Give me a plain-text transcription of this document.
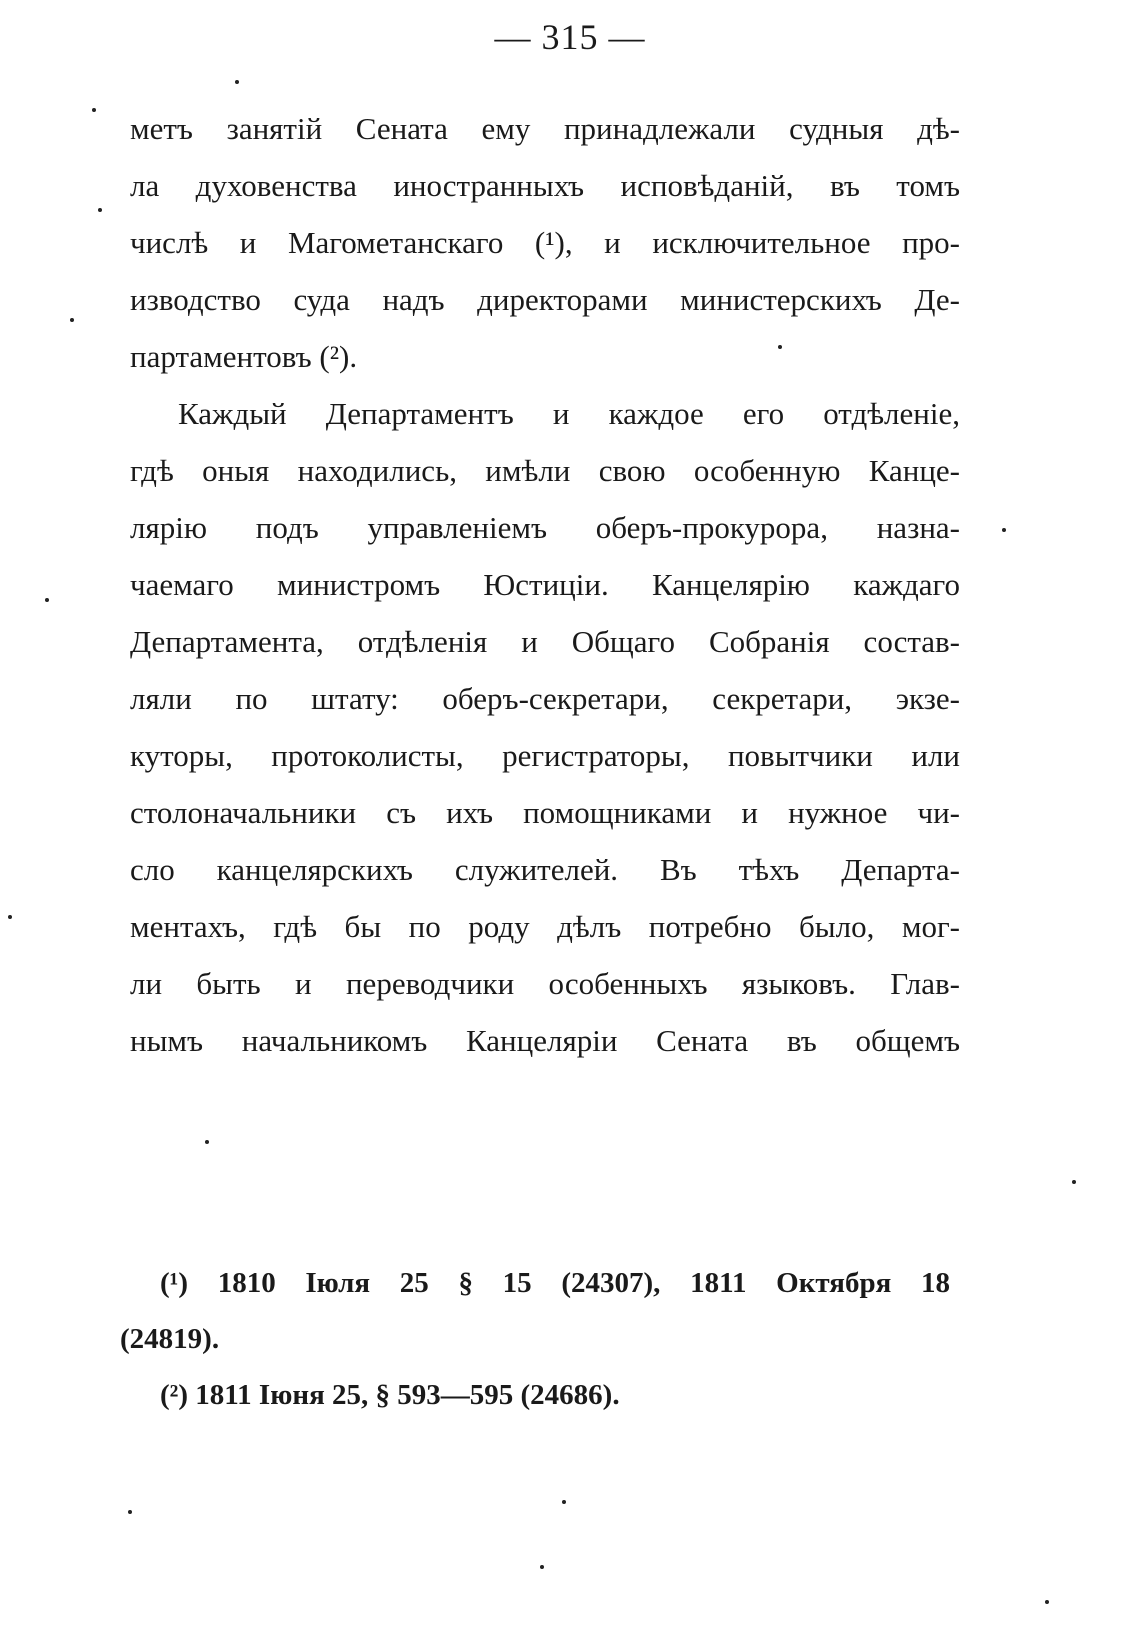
— 315 —
метъ занятій Сената ему принадлежали судныя дѣ-
ла духовенства иностранныхъ исповѣданій, въ томъ
числѣ и Магометанскаго (¹), и исключительное про-
изводство суда надъ директорами министерскихъ Де-
партаментовъ (²).
Каждый Департаментъ и каждое его отдѣленіе,
гдѣ оныя находились, имѣли свою особенную Канце-
лярію подъ управленіемъ оберъ-прокурора, назна-
чаемаго министромъ Юстиціи. Канцелярію каждаго
Департамента, отдѣленія и Общаго Собранія состав-
ляли по штату: оберъ-секретари, секретари, экзе-
куторы, протоколисты, регистраторы, повытчики или
столоначальники съ ихъ помощниками и нужное чи-
сло канцелярскихъ служителей. Въ тѣхъ Департа-
ментахъ, гдѣ бы по роду дѣлъ потребно было, мог-
ли быть и переводчики особенныхъ языковъ. Глав-
нымъ начальникомъ Канцеляріи Сената въ общемъ
(¹) 1810 Іюля 25 § 15 (24307), 1811 Октября 18
(24819).
(²) 1811 Іюня 25, § 593—595 (24686).
